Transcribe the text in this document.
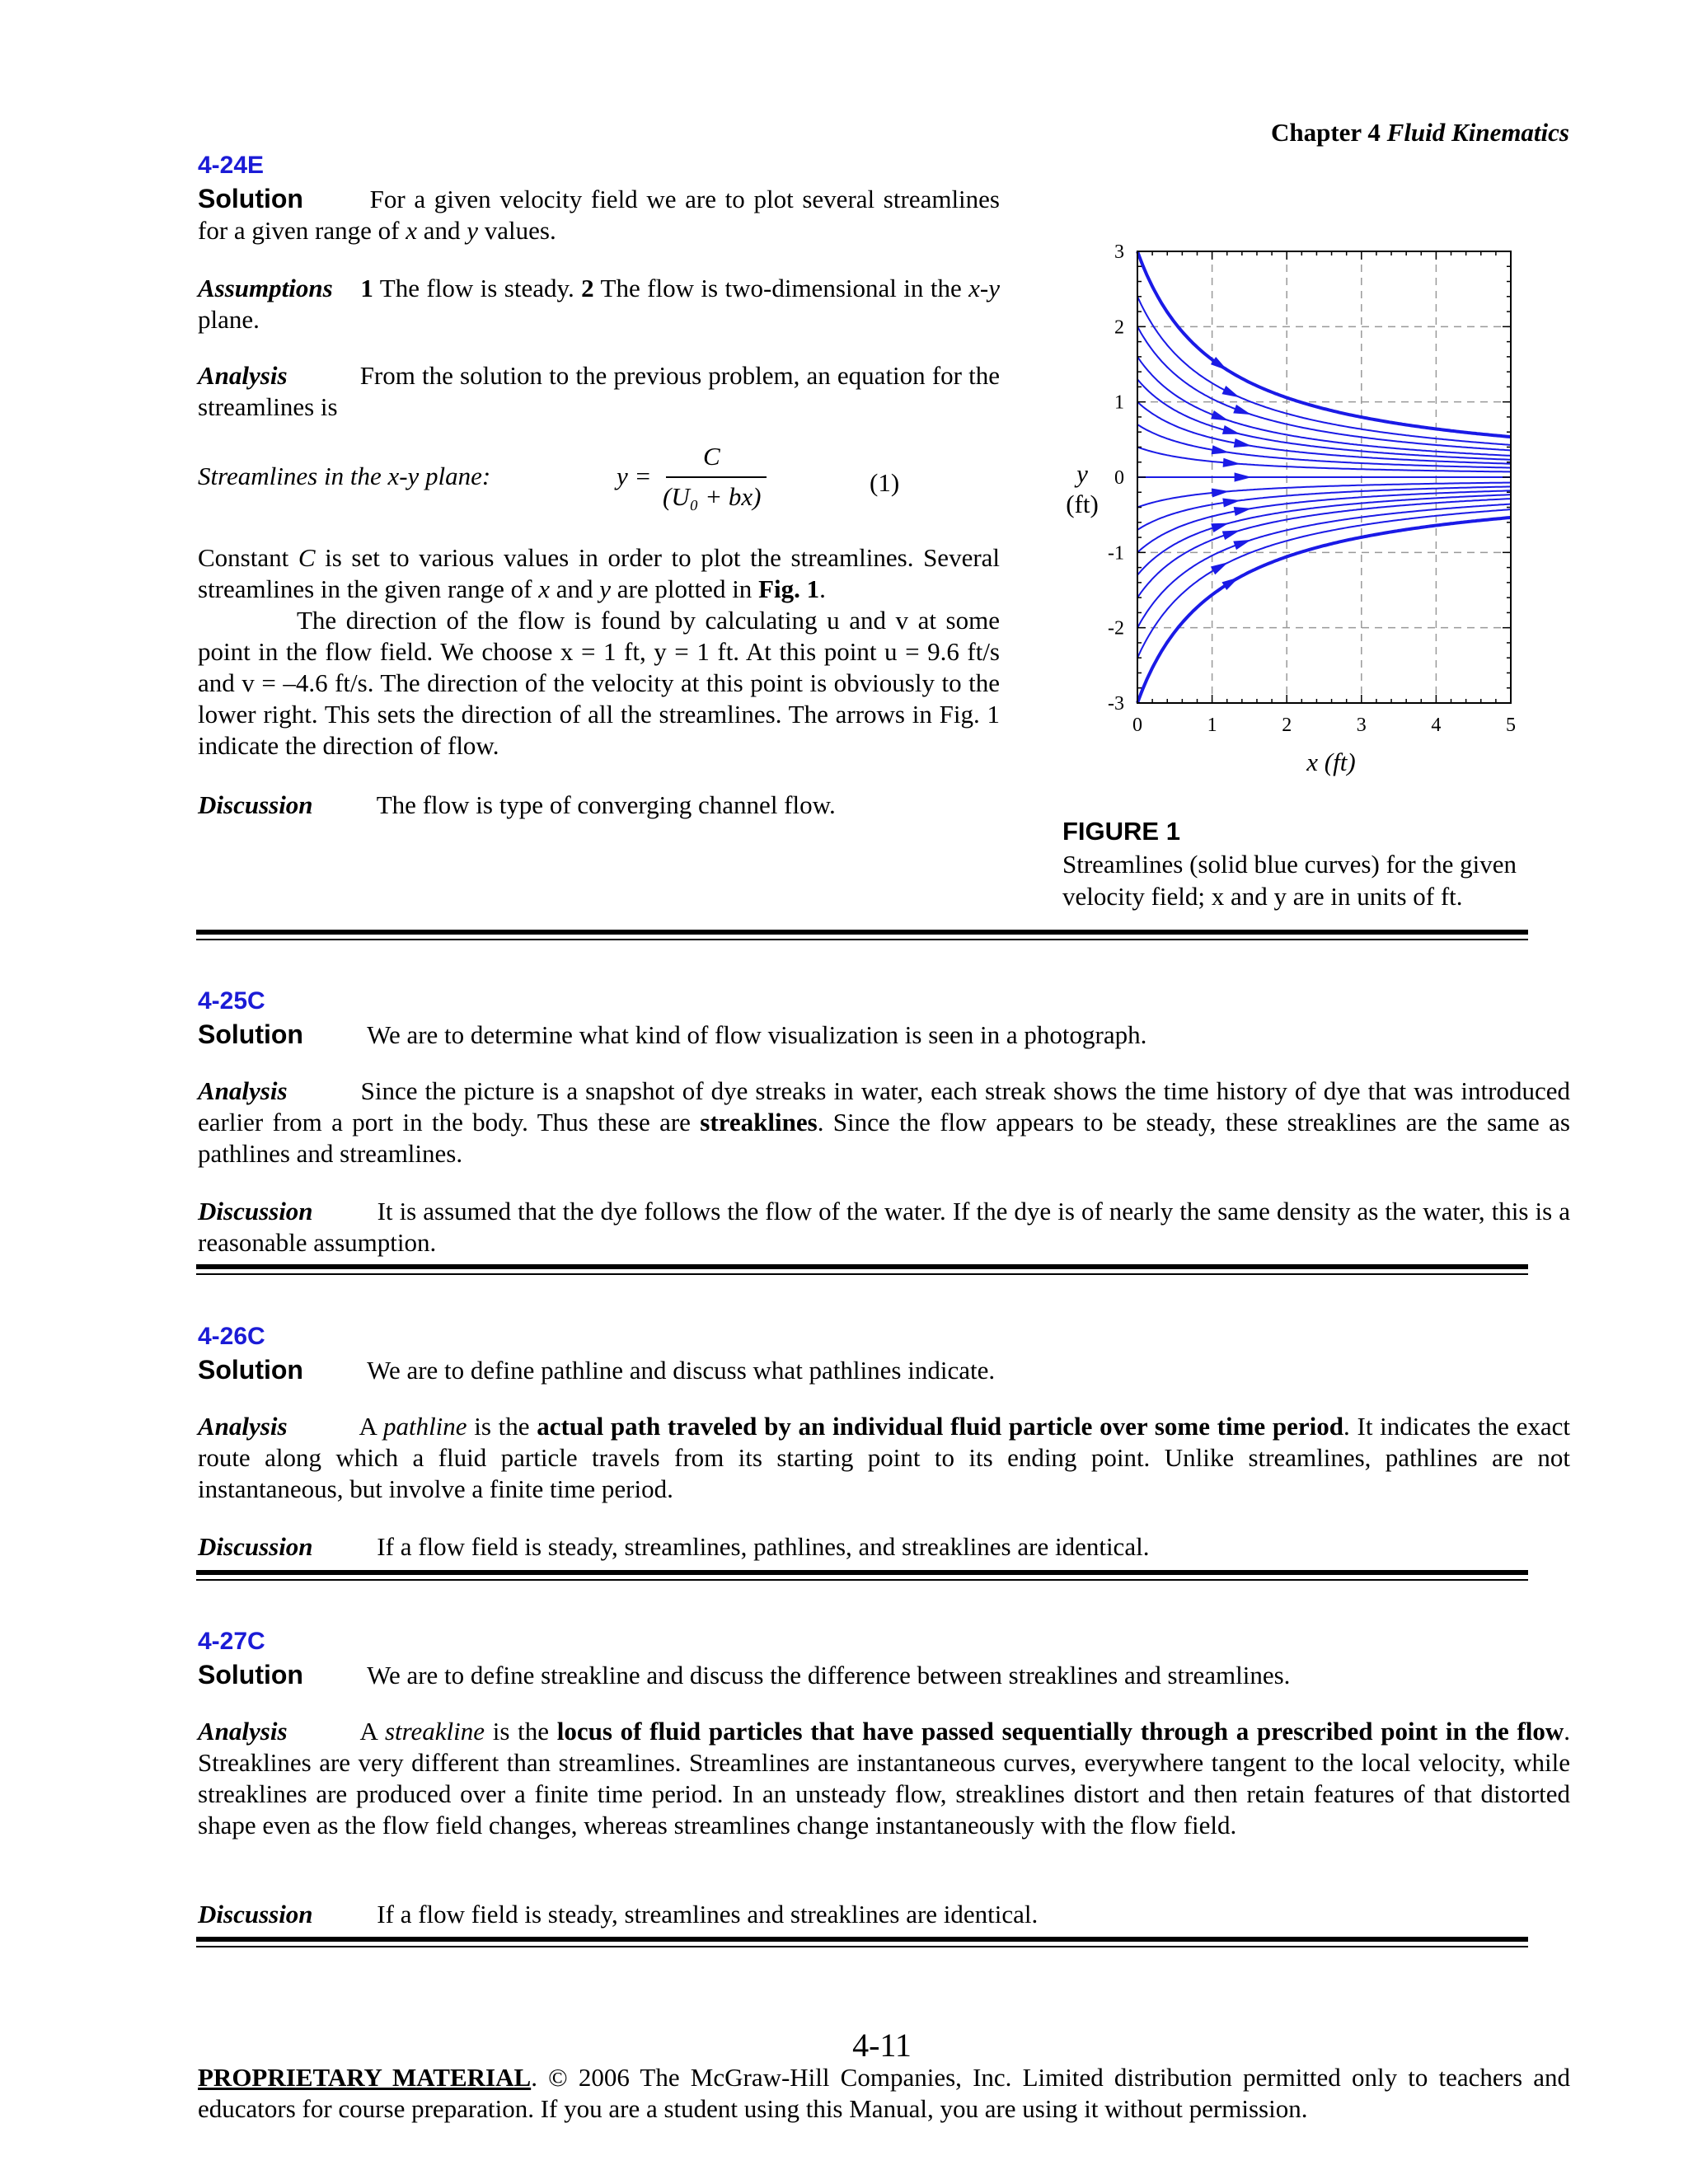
Chapter 4 Fluid Kinematics
4-24E

Solution	For a given velocity field we are to plot several streamlines for a given range of x and y values.

Assumptions 1 The flow is steady. 2 The flow is two-dimensional in the x-y plane.

Analysis	From the solution to the previous problem, an equation for the streamlines is

Streamlines in the x-y plane:	y =
C
(U₀ + bx)	(1)

Constant C is set to various values in order to plot the streamlines. Several streamlines in the given range of x and y are plotted in Fig. 1.

The direction of the flow is found by calculating u and v at some point in the flow field. We choose x = 1 ft, y = 1 ft. At this point u = 9.6 ft/s and v = –4.6 ft/s. The direction of the velocity at this point is obviously to the lower right. This sets the direction of all the streamlines. The arrows in Fig. 1 indicate the direction of flow.

Discussion The flow is type of converging channel flow.

0	1	2	3	4	5
3
2
1
0
-1
-2
-3
y
(ft)
x (ft)
FIGURE 1
Streamlines (solid blue curves) for the given velocity field; x and y are in units of ft.
4-25C

Solution We are to determine what kind of flow visualization is seen in a photograph.

Analysis	Since the picture is a snapshot of dye streaks in water, each streak shows the time history of dye that was introduced earlier from a port in the body. Thus these are streaklines. Since the flow appears to be steady, these streaklines are the same as pathlines and streamlines.

Discussion	It is assumed that the dye follows the flow of the water. If the dye is of nearly the same density as the water, this is a reasonable assumption.

4-26C

Solution We are to define pathline and discuss what pathlines indicate.

Analysis	A pathline is the actual path traveled by an individual fluid particle over some time period. It indicates the exact route along which a fluid particle travels from its starting point to its ending point. Unlike streamlines, pathlines are not instantaneous, but involve a finite time period.

Discussion	If a flow field is steady, streamlines, pathlines, and streaklines are identical.

4-27C

Solution We are to define streakline and discuss the difference between streaklines and streamlines.

Analysis	A streakline is the locus of fluid particles that have passed sequentially through a prescribed point in the flow. Streaklines are very different than streamlines. Streamlines are instantaneous curves, everywhere tangent to the local velocity, while streaklines are produced over a finite time period. In an unsteady flow, streaklines distort and then retain features of that distorted shape even as the flow field changes, whereas streamlines change instantaneously with the flow field.

Discussion	If a flow field is steady, streamlines and streaklines are identical.

4-11

PROPRIETARY MATERIAL. © 2006 The McGraw-Hill Companies, Inc. Limited distribution permitted only to teachers and educators for course preparation. If you are a student using this Manual, you are using it without permission.
